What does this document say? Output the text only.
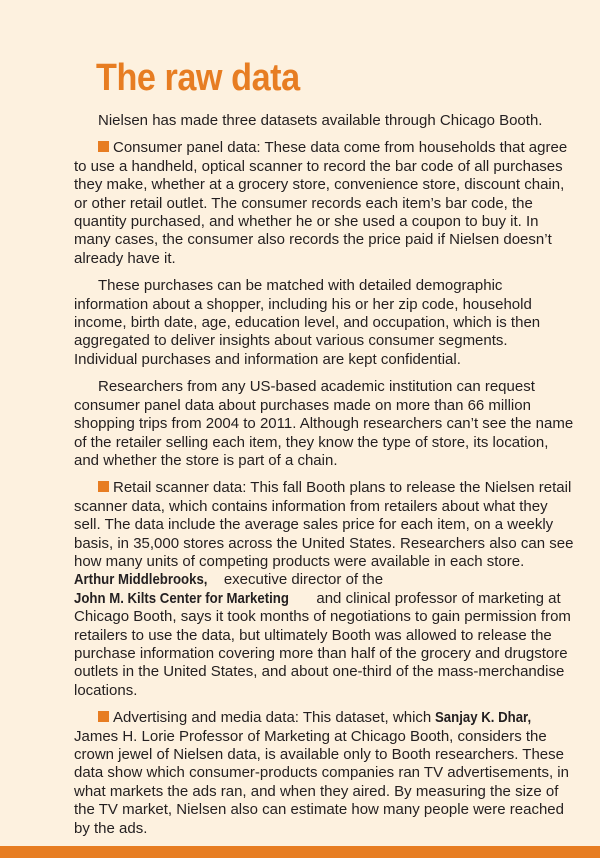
The raw data

Nielsen has made three datasets available through Chicago Booth.

Consumer panel data: These data come from households that agree to use a handheld, optical scanner to record the bar code of all purchases they make, whether at a grocery store, convenience store, discount chain, or other retail outlet. The consumer records each item’s bar code, the quantity purchased, and whether he or she used a coupon to buy it. In many cases, the consumer also records the price paid if Nielsen doesn’t already have it.

These purchases can be matched with detailed demographic information about a shopper, including his or her zip code, household income, birth date, age, education level, and occupation, which is then aggregated to deliver insights about various consumer segments. Individual purchases and information are kept confidential.

Researchers from any US-based academic institution can request consumer panel data about purchases made on more than 66 million shopping trips from 2004 to 2011. Although researchers can’t see the name of the retailer selling each item, they know the type of store, its location, and whether the store is part of a chain.

Retail scanner data: This fall Booth plans to release the Nielsen retail scanner data, which contains information from retailers about what they sell. The data include the average sales price for each item, on a weekly basis, in 35,000 stores across the United States. Researchers also can see how many units of competing products were available in each store. Arthur Middlebrooks, executive director of the John M. Kilts Center for Marketing and clinical professor of marketing at Chicago Booth, says it took months of negotiations to gain permission from retailers to use the data, but ultimately Booth was allowed to release the purchase information covering more than half of the grocery and drugstore outlets in the United States, and about one-third of the mass-merchandise locations.

Advertising and media data: This dataset, which Sanjay K. Dhar, James H. Lorie Professor of Marketing at Chicago Booth, considers the crown jewel of Nielsen data, is available only to Booth researchers. These data show which consumer-products companies ran TV advertisements, in what markets the ads ran, and when they aired. By measuring the size of the TV market, Nielsen also can estimate how many people were reached by the ads.
